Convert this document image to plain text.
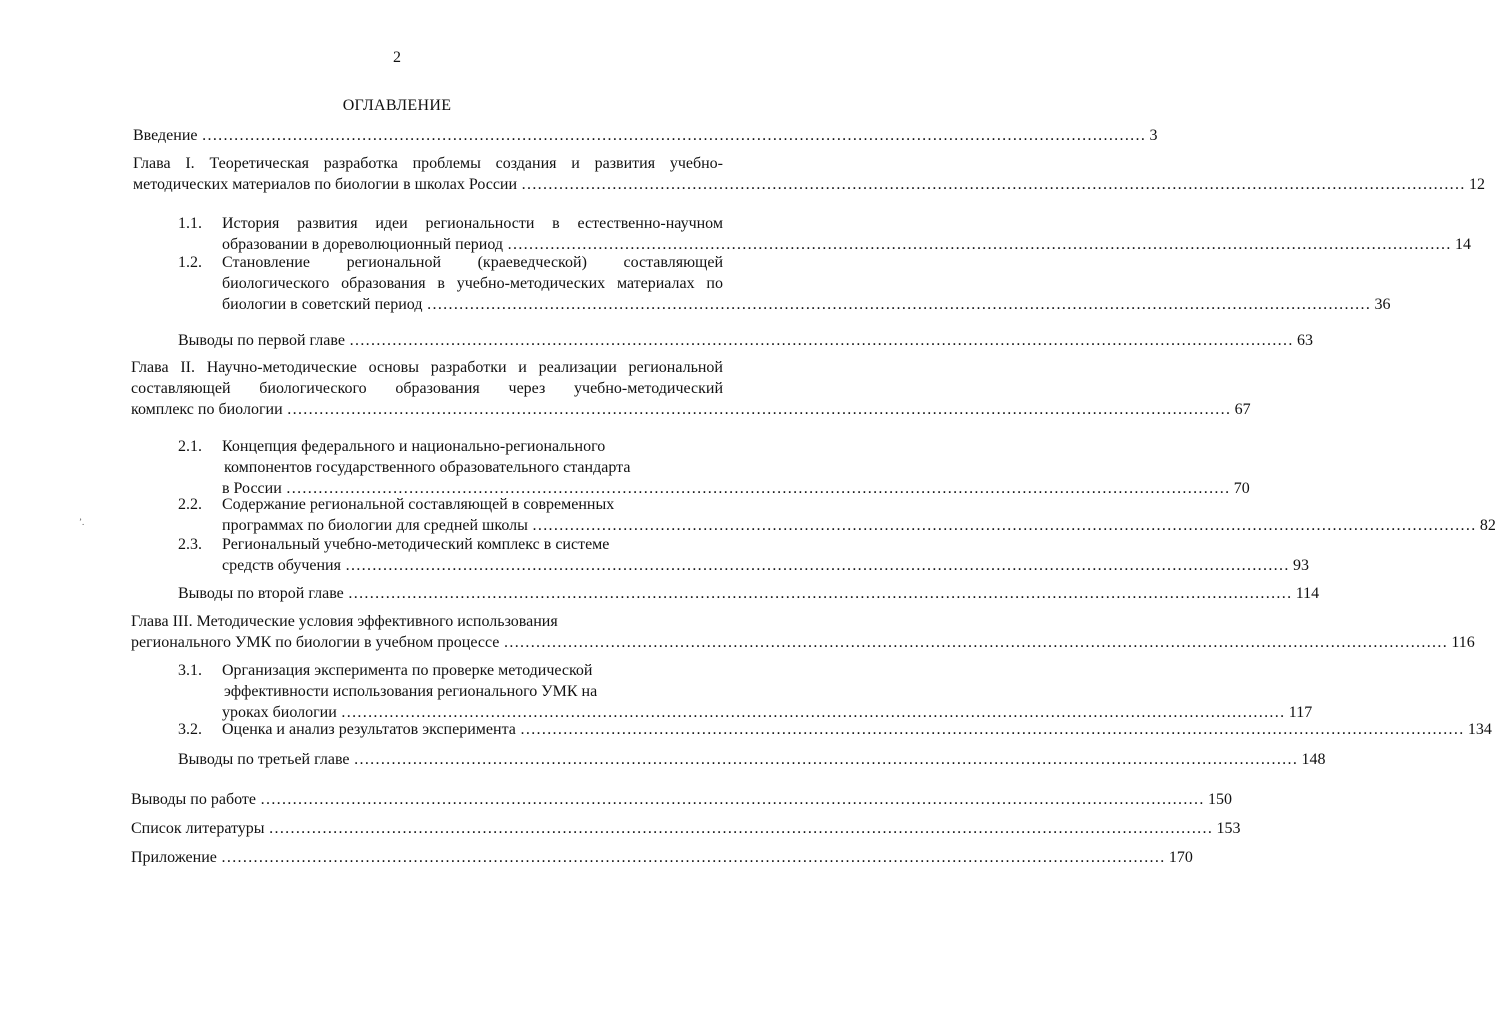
2
ОГЛАВЛЕНИЕ
Введение ……………………………………………………………………………………………………………………………………………………………	3
Глава I. Теоретическая разработка проблемы создания и развития учебно-
методических материалов по биологии в школах России ……………………………………………………………………………………………………………………………………………………………	12
1.1.	История развития идеи региональности в естественно-научном
образовании в дореволюционный период ……………………………………………………………………………………………………………………………………………………………	14
1.2.	Становление региональной (краеведческой) составляющей
биологического образования в учебно-методических материалах по
биологии в советский период ……………………………………………………………………………………………………………………………………………………………	36
Выводы по первой главе ……………………………………………………………………………………………………………………………………………………………	63
Глава II. Научно-методические основы разработки и реализации региональной
составляющей биологического образования через учебно-методический
комплекс по биологии ……………………………………………………………………………………………………………………………………………………………	67
2.1.	Концепция федерального и национально-регионального
компонентов государственного образовательного стандарта
в России ……………………………………………………………………………………………………………………………………………………………	70
2.2.	Содержание региональной составляющей в современных
программах по биологии для средней школы ……………………………………………………………………………………………………………………………………………………………	82
2.3.	Региональный учебно-методический комплекс в системе
средств обучения ……………………………………………………………………………………………………………………………………………………………	93
Выводы по второй главе ……………………………………………………………………………………………………………………………………………………………	114
Глава III. Методические условия эффективного использования
регионального УМК по биологии в учебном процессе ……………………………………………………………………………………………………………………………………………………………	116
3.1.	Организация эксперимента по проверке методической
эффективности использования регионального УМК на
уроках биологии ……………………………………………………………………………………………………………………………………………………………	117
3.2.	Оценка и анализ результатов эксперимента ……………………………………………………………………………………………………………………………………………………………	134
Выводы по третьей главе ……………………………………………………………………………………………………………………………………………………………	148
Выводы по работе ……………………………………………………………………………………………………………………………………………………………	150
Список литературы ……………………………………………………………………………………………………………………………………………………………	153
Приложение ……………………………………………………………………………………………………………………………………………………………	170
ʼ.
